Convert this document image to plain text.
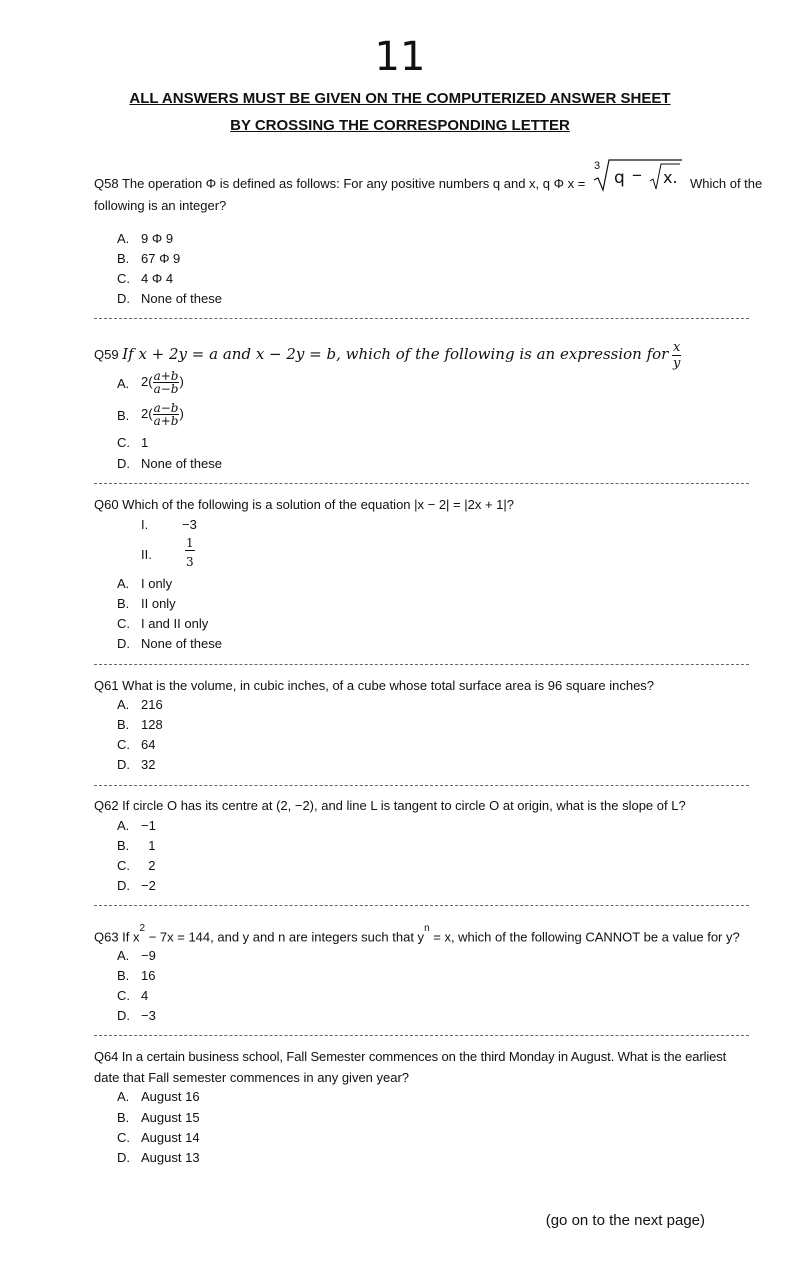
11
ALL ANSWERS MUST BE GIVEN ON THE COMPUTERIZED ANSWER SHEET
BY CROSSING THE CORRESPONDING LETTER
Q58 The operation Φ is defined as follows: For any positive numbers q and x, q Φ x =
3
q − x. Which of the
following is an integer?
A. 9 Φ 9
B. 67 Φ 9
C. 4 Φ 4
D. None of these
Q59 If x + 2y = a and x − 2y = b, which of the following is an expression for $\frac{x}{y}$
A. $2( \frac{a+b}{a-b}$ )
B. $2( \frac{a-b}{a+b}$ )
C. 1
D. None of these
Q60 Which of the following is a solution of the equation |x − 2| = |2x + 1|?
I.	−3
II.	$\frac{1}{3}$
A. I only
B. II only
C. I and II only
D. None of these
Q61 What is the volume, in cubic inches, of a cube whose total surface area is 96 square inches?
A. 216
B. 128
C. 64
D. 32
Q62 If circle O has its centre at (2, −2), and line L is tangent to circle O at origin, what is the slope of L?
A. −1
B. 1
C. 2
D. −2
Q63 If $x^2 - 7x = 144$, and y and n are integers such that $y^n = x$, which of the following CANNOT be a value for y?
A. −9
B. 16
C. 4
D. −3
Q64 In a certain business school, Fall Semester commences on the third Monday in August. What is the earliest
date that Fall semester commences in any given year?
A. August 16
B. August 15
C. August 14
D. August 13
(go on to the next page)
